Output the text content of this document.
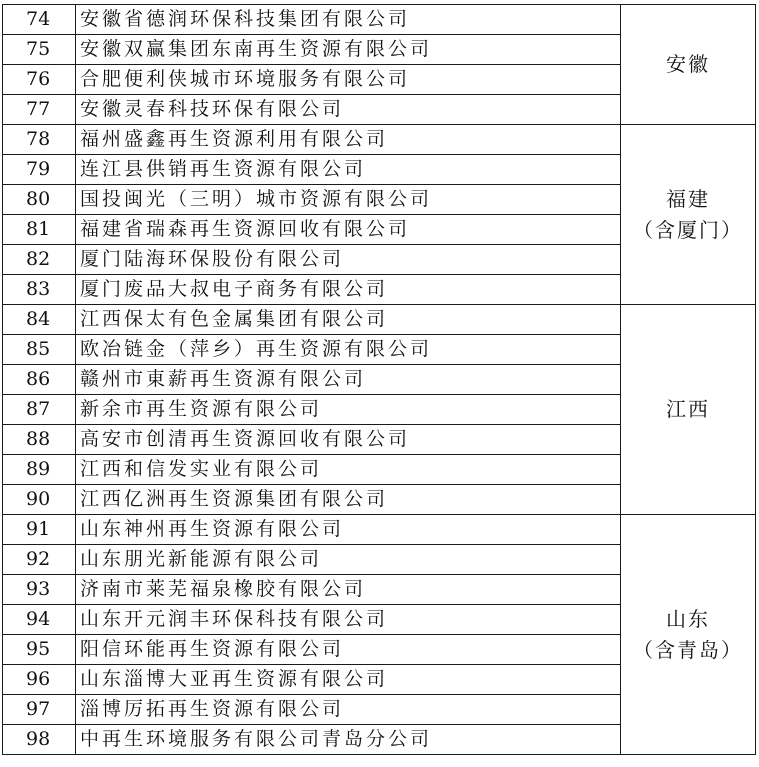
74	安徽省德润环保科技集团有限公司	安徽

75	安徽双赢集团东南再生资源有限公司	
76	合肥便利侠城市环境服务有限公司	
77	安徽灵春科技环保有限公司	
78	福州盛鑫再生资源利用有限公司	福建
（含厦门）

79	连江县供销再生资源有限公司	
80	国投闽光（三明）城市资源有限公司	
81	福建省瑞森再生资源回收有限公司	
82	厦门陆海环保股份有限公司	
83	厦门废品大叔电子商务有限公司	
84	江西保太有色金属集团有限公司	江西

85	欧冶链金（萍乡）再生资源有限公司	
86	赣州市東薪再生资源有限公司	
87	新余市再生资源有限公司	
88	高安市创清再生资源回收有限公司	
89	江西和信发实业有限公司	
90	江西亿洲再生资源集团有限公司	
91	山东神州再生资源有限公司	山东
（含青岛）

92	山东朋光新能源有限公司	
93	济南市莱芜福泉橡胶有限公司	
94	山东开元润丰环保科技有限公司	
95	阳信环能再生资源有限公司	
96	山东淄博大亚再生资源有限公司	
97	淄博厉拓再生资源有限公司	
98	中再生环境服务有限公司青岛分公司	
